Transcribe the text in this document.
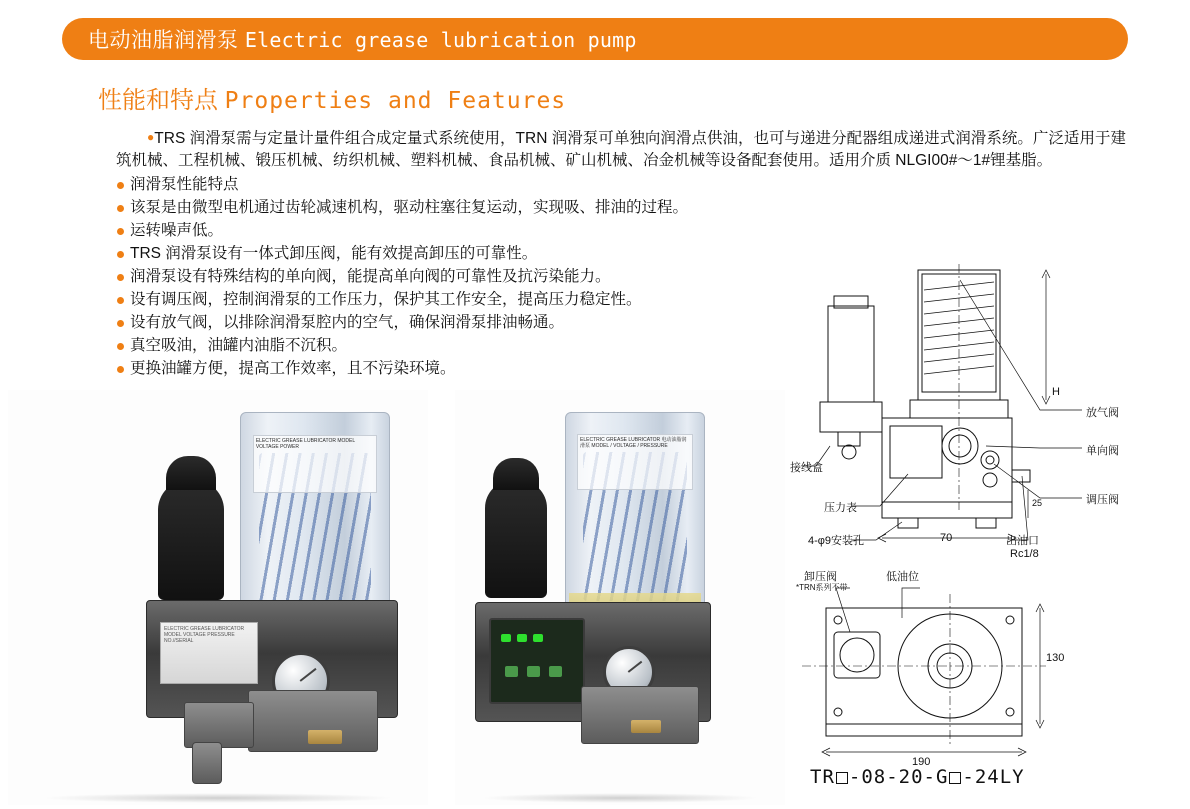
电动油脂润滑泵 Electric grease lubrication pump
性能和特点 Properties and Features

●TRS 润滑泵需与定量计量件组合成定量式系统使用，TRN 润滑泵可单独向润滑点供油，也可与递进分配器组成递进式润滑系统。广泛适用于建筑机械、工程机械、锻压机械、纺织机械、塑料机械、食品机械、矿山机械、冶金机械等设备配套使用。适用介质 NLGI00#～1#锂基脂。

润滑泵性能特点
该泵是由微型电机通过齿轮减速机构，驱动柱塞往复运动，实现吸、排油的过程。
运转噪声低。
TRS 润滑泵设有一体式卸压阀，能有效提高卸压的可靠性。
润滑泵设有特殊结构的单向阀，能提高单向阀的可靠性及抗污染能力。
设有调压阀，控制润滑泵的工作压力，保护其工作安全，提高压力稳定性。
设有放气阀，以排除润滑泵腔内的空气，确保润滑泵排油畅通。
真空吸油，油罐内油脂不沉积。
更换油罐方便，提高工作效率，且不污染环境。
ELECTRIC GREASE LUBRICATOR MODEL VOLTAGE POWER
ELECTRIC GREASE LUBRICATOR MODEL VOLTAGE PRESSURE NO.//SERIAL
ELECTRIC GREASE LUBRICATOR 电动油脂润滑泵 MODEL / VOLTAGE / PRESSURE
放气阀
单向阀
调压阀
接线盒
压力表
4-φ9安装孔	70	出油口
Rc1/8
H
25
卸压阀
*TRN系列不带
低油位
130
190
TR -08-20-G -24LY
